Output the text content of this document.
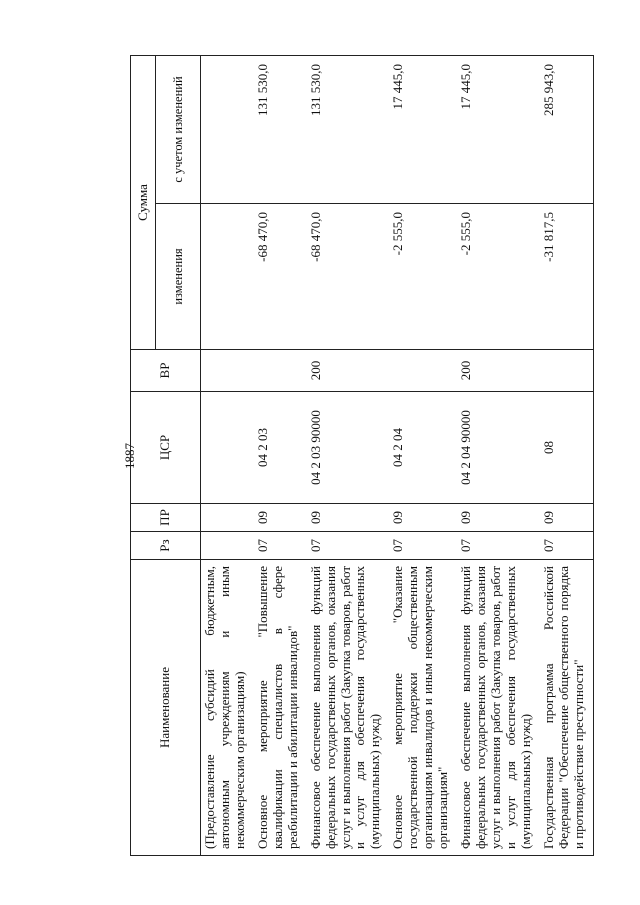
1887
Наименование	Рз	ПР	ЦСР	ВР	Сумма	
					изменения	с учетом изменений
(Предоставление субсидий бюджетным, автономным учреждениям и иным некоммерческим организациям)						
Основное мероприятие "Повышение квалификации специалистов в сфере реабилитации и абилитации инвалидов"	07	09	04 2 03		-68 470,0	131 530,0
Финансовое обеспечение выполнения функций федеральных государственных органов, оказания услуг и выполнения работ (Закупка товаров, работ и услуг для обеспечения государственных (муниципальных) нужд)	07	09	04 2 03 90000	200	-68 470,0	131 530,0
Основное мероприятие "Оказание государственной поддержки общественным организациям инвалидов и иным некоммерческим организациям"	07	09	04 2 04		-2 555,0	17 445,0
Финансовое обеспечение выполнения функций федеральных государственных органов, оказания услуг и выполнения работ (Закупка товаров, работ и услуг для обеспечения государственных (муниципальных) нужд)	07	09	04 2 04 90000	200	-2 555,0	17 445,0
Государственная программа Российской Федерации "Обеспечение общественного порядка и противодействие преступности"	07	09	08		-31 817,5	285 943,0
